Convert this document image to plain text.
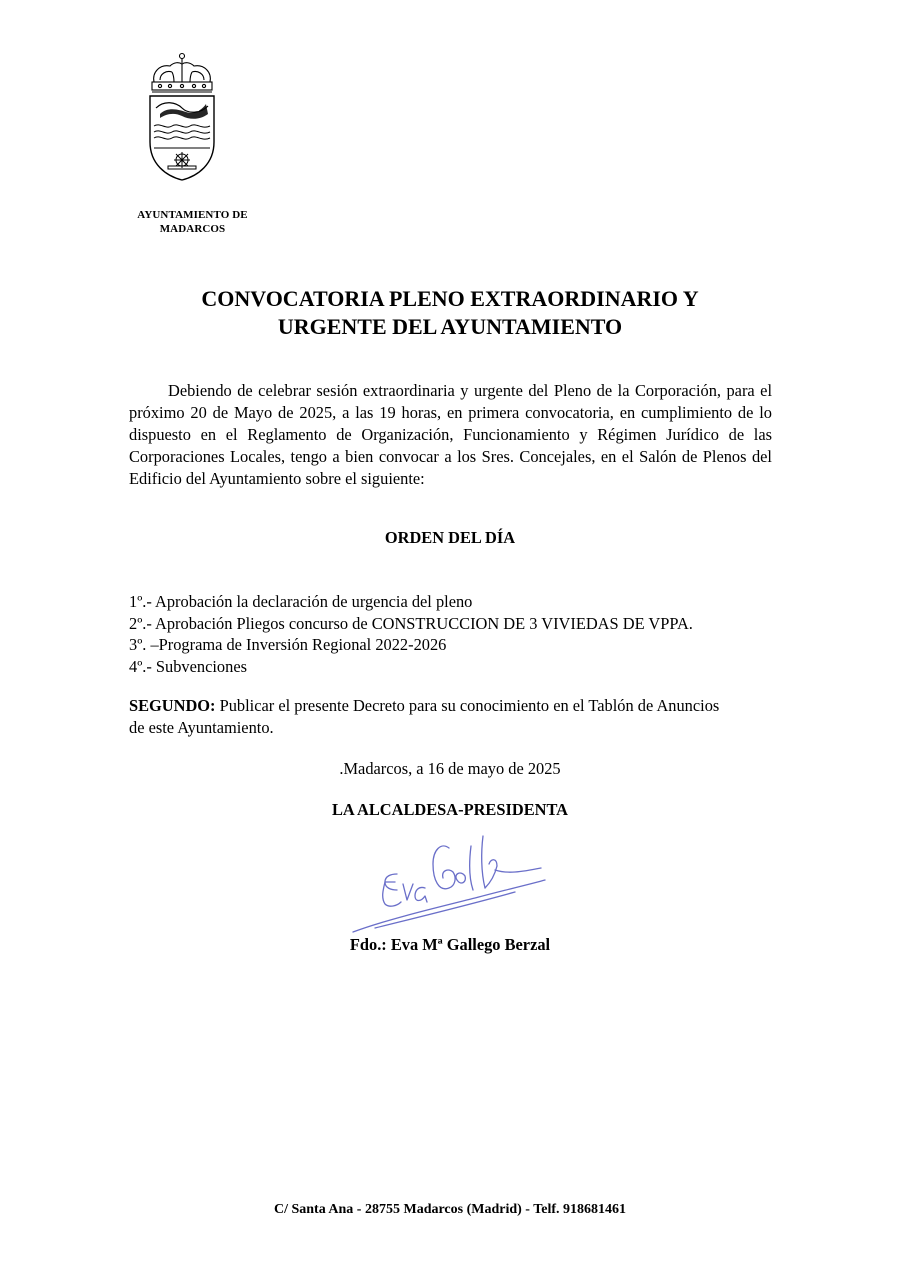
AYUNTAMIENTO DE
MADARCOS
CONVOCATORIA PLENO EXTRAORDINARIO Y
URGENTE DEL AYUNTAMIENTO

Debiendo de celebrar sesión extraordinaria y urgente del Pleno de la Corporación, para el próximo 20 de Mayo de 2025, a las 19 horas, en primera convocatoria, en cumplimiento de lo dispuesto en el Reglamento de Organización, Funcionamiento y Régimen Jurídico de las Corporaciones Locales, tengo a bien convocar a los Sres. Concejales, en el Salón de Plenos del Edificio del Ayuntamiento sobre el siguiente:

ORDEN DEL DÍA
1º.- Aprobación la declaración de urgencia del pleno
2º.- Aprobación Pliegos concurso de CONSTRUCCION DE 3 VIVIEDAS DE VPPA.
3º. –Programa de Inversión Regional 2022-2026
4º.- Subvenciones

SEGUNDO: Publicar el presente Decreto para su conocimiento en el Tablón de Anuncios de este Ayuntamiento.

.Madarcos, a 16 de mayo de 2025
LA ALCALDESA-PRESIDENTA
Fdo.: Eva Mª Gallego Berzal
C/ Santa Ana - 28755 Madarcos (Madrid) - Telf. 918681461
